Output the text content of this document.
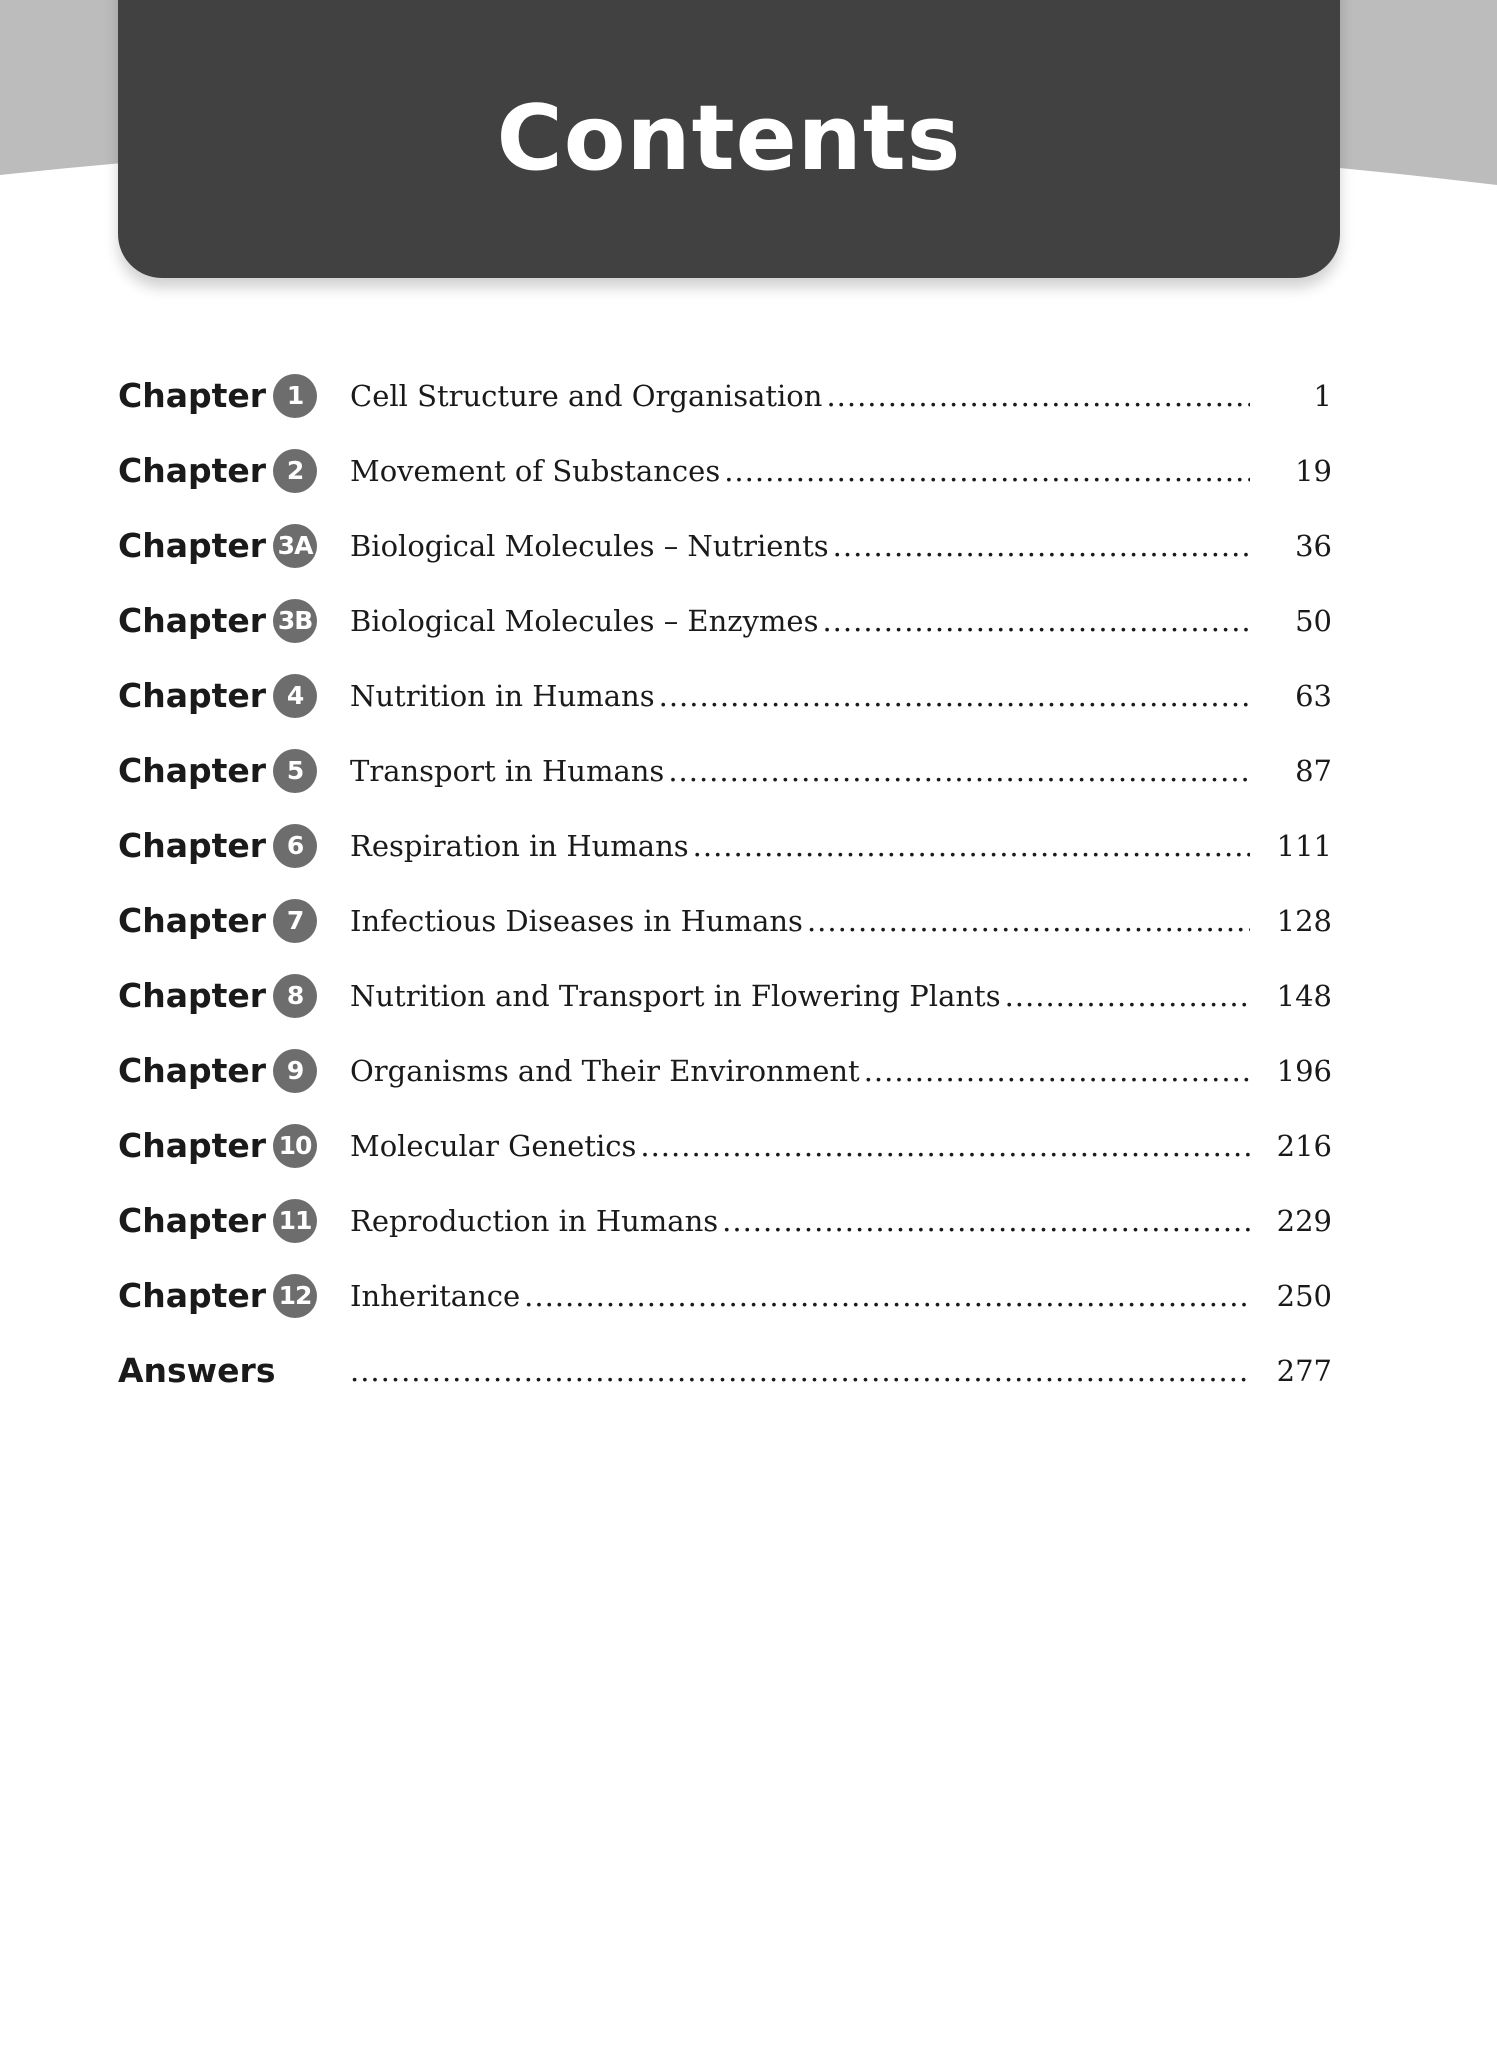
Contents
Chapter 1	Cell Structure and Organisation .....	1
Chapter 2	Movement of Substances .....	19
Chapter 3A Biological Molecules – Nutrients .....	36
Chapter 3B Biological Molecules – Enzymes .....	50
Chapter 4	Nutrition in Humans .....	63
Chapter 5	Transport in Humans .....	87
Chapter 6	Respiration in Humans .....	111
Chapter 7	Infectious Diseases in Humans .....	128
Chapter 8	Nutrition and Transport in Flowering Plants .....	148
Chapter 9	Organisms and Their Environment .....	196
Chapter 10 Molecular Genetics .....	216
Chapter 11 Reproduction in Humans .....	229
Chapter 12 Inheritance .....	250
Answers .....	277
